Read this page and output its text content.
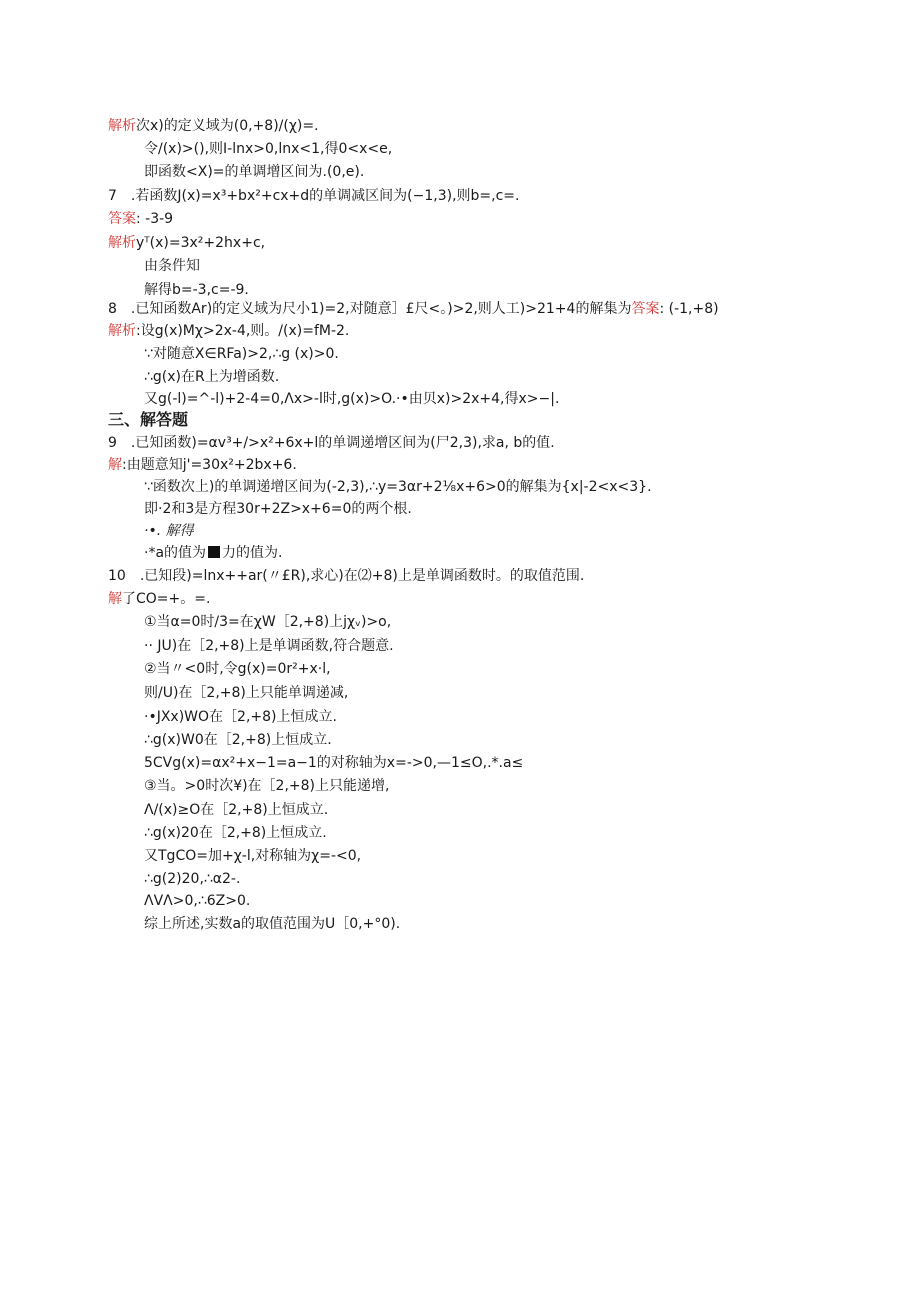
解析次x)的定义域为(0,+8)/(χ)=.
令/(x)>(),则I-lnx>0,lnx<1,得0<x<e,
即函数<X)=的单调增区间为.(0,e).
7　.若函数J(x)=x³+bx²+cx+d的单调减区间为(−1,3),则b=,c=.
答案: -3-9
解析yᵀ(x)=3x²+2hx+c,
由条件知
解得b=-3,c=-9.
8　.已知函数Ar)的定义域为尺小1)=2,对随意］£尺<。)>2,则人工)>21+4的解集为答案: (-1,+8)
解析:设g(x)Mχ>2x-4,则。/(x)=fM-2.
∵对随意X∈RFa)>2,∴g (x)>0.
∴g(x)在R上为增函数.
又g(-l)=^-l)+2-4=0,Λx>-l时,g(x)>O.·•由贝x)>2x+4,得x>−|.
三、解答题
9　.已知函数)=αv³+/>x²+6x+l的单调递增区间为(尸2,3),求a, b的值.
解:由题意知j'=30x²+2bx+6.
∵函数次上)的单调递增区间为(-2,3),∴y=3αr+2⅛x+6>0的解集为{x|-2<x<3}.
即·2和3是方程30r+2Z>x+6=0的两个根.
·•. 解得
·*a的值为 力的值为.
10　.已知段)=lnx++ar(〃£R),求心)在⑵+8)上是单调函数时。的取值范围.
解了CO=+。=.
①当α=0时/3=在χW［2,+8)上jχᵥ)>o,
·· JU)在［2,+8)上是单调函数,符合题意.
②当〃<0时,令g(x)=0r²+x·l,
则/U)在［2,+8)上只能单调递减,
·•JXx)WO在［2,+8)上恒成立.
∴g(x)W0在［2,+8)上恒成立.
5CVg(x)=αx²+x−1=a−1的对称轴为x=->0,—1≤O,.*.a≤
③当。>0时次¥)在［2,+8)上只能递增,
Λ/(x)≥O在［2,+8)上恒成立.
∴g(x)20在［2,+8)上恒成立.
又TgCO=加+χ-l,对称轴为χ=-<0,
∴g(2)20,∴α2-.
ΛVΛ>0,∴6Z>0.
综上所述,实数a的取值范围为U［0,+°0).
